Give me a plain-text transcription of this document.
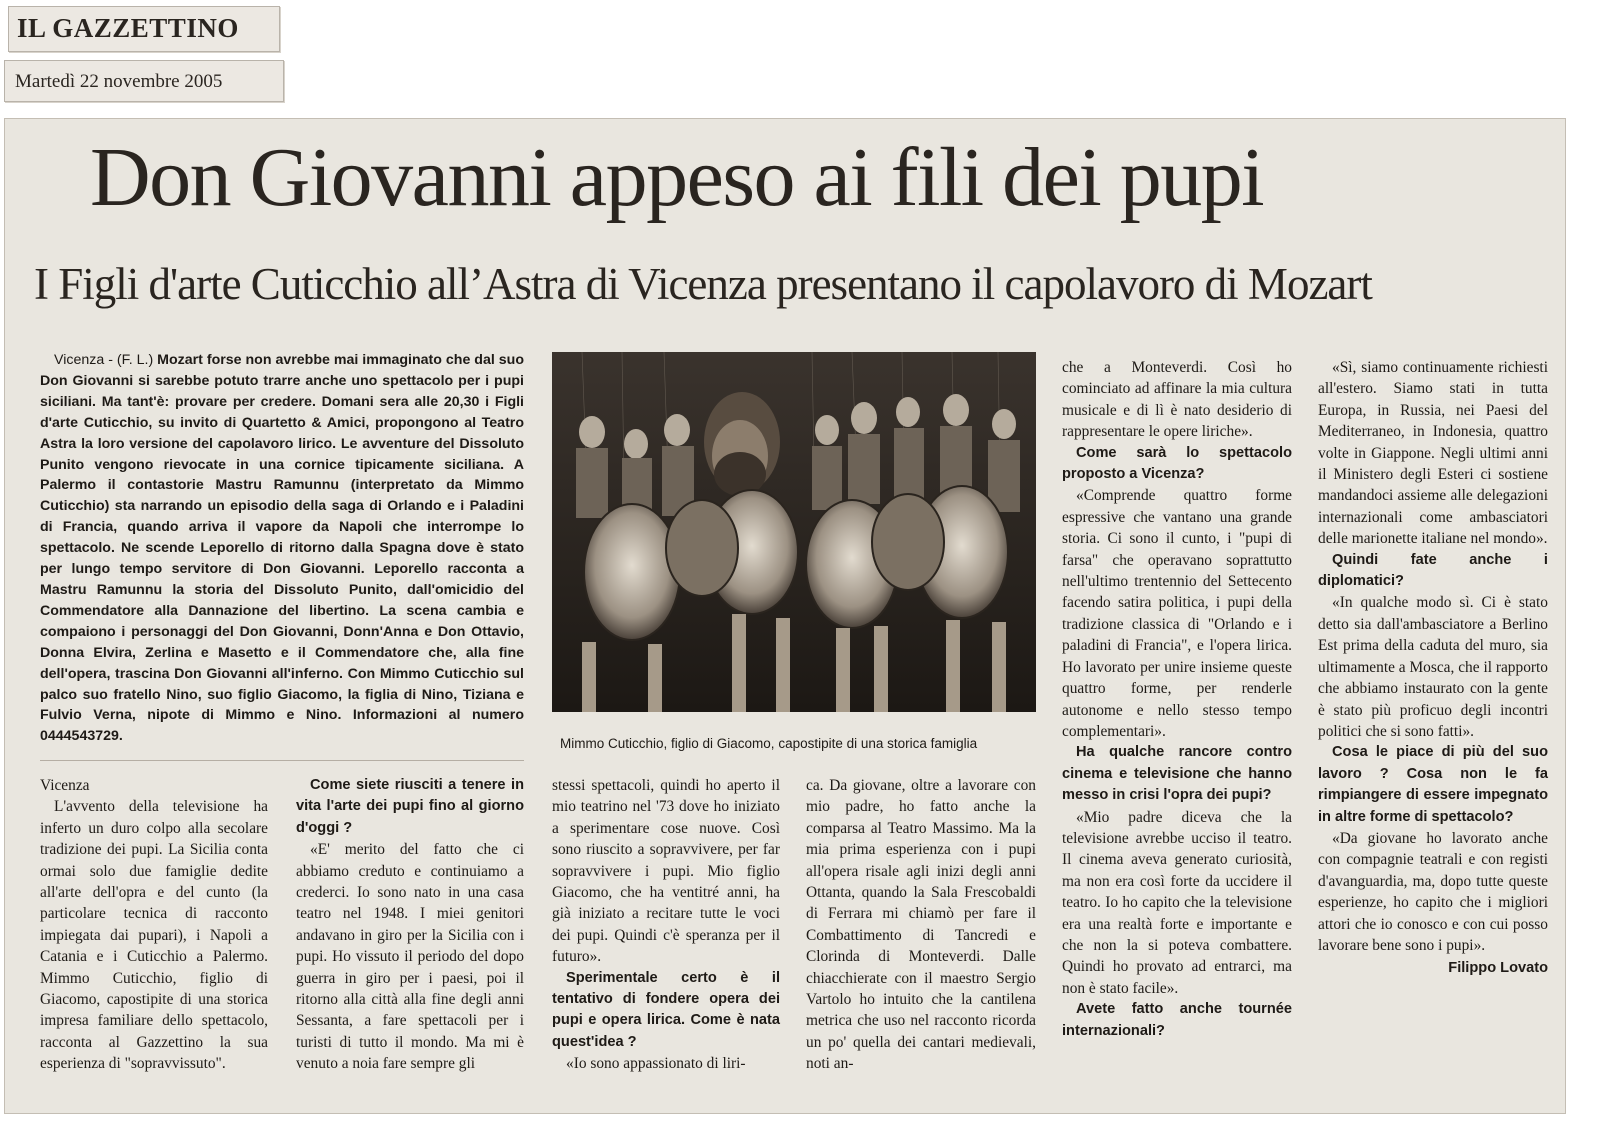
IL GAZZETTINO
Martedì 22 novembre 2005
Don Giovanni appeso ai fili dei pupi
I Figli d'arte Cuticchio all’Astra di Vicenza presentano il capolavoro di Mozart

Vicenza - (F. L.) Mozart forse non avrebbe mai immaginato che dal suo Don Giovanni si sarebbe potuto trarre anche uno spettacolo per i pupi siciliani. Ma tant'è: provare per credere. Domani sera alle 20,30 i Figli d'arte Cuticchio, su invito di Quartetto & Amici, propongono al Teatro Astra la loro versione del capolavoro lirico. Le avventure del Dissoluto Punito vengono rievocate in una cornice tipicamente siciliana. A Palermo il contastorie Mastru Ramunnu (interpretato da Mimmo Cuticchio) sta narrando un episodio della saga di Orlando e i Paladini di Francia, quando arriva il vapore da Napoli che interrompe lo spettacolo. Ne scende Leporello di ritorno dalla Spagna dove è stato per lungo tempo servitore di Don Giovanni. Leporello racconta a Mastru Ramunnu la storia del Dissoluto Punito, dall'omicidio del Commendatore alla Dannazione del libertino. La scena cambia e compaiono i personaggi del Don Giovanni, Donn'Anna e Don Ottavio, Donna Elvira, Zerlina e Masetto e il Commendatore che, alla fine dell'opera, trascina Don Giovanni all'inferno. Con Mimmo Cuticchio sul palco suo fratello Nino, suo figlio Giacomo, la figlia di Nino, Tiziana e Fulvio Verna, nipote di Mimmo e Nino. Informazioni al numero 0444543729.	Mimmo Cuticchio, figlio di Giacomo, capostipite di una storica famiglia

Vicenza

L'avvento della televisione ha inferto un duro colpo alla secolare tradizione dei pupi. La Sicilia conta ormai solo due famiglie dedite all'arte dell'opra e del cunto (la particolare tecnica di racconto impiegata dai pupari), i Napoli a Catania e i Cuticchio a Palermo. Mimmo Cuticchio, figlio di Giacomo, capostipite di una storica impresa familiare dello spettacolo, racconta al Gazzettino la sua esperienza di "sopravvissuto".

Come siete riusciti a tenere in vita l'arte dei pupi fino al giorno d'oggi ?

«E' merito del fatto che ci abbiamo creduto e continuiamo a crederci. Io sono nato in una casa teatro nel 1948. I miei genitori andavano in giro per la Sicilia con i pupi. Ho vissuto il periodo del dopo guerra in giro per i paesi, poi il ritorno alla città alla fine degli anni Sessanta, a fare spettacoli per i turisti di tutto il mondo. Ma mi è venuto a noia fare sempre gli

stessi spettacoli, quindi ho aperto il mio teatrino nel '73 dove ho iniziato a sperimentare cose nuove. Così sono riuscito a sopravvivere, per far sopravvivere i pupi. Mio figlio Giacomo, che ha ventitré anni, ha già iniziato a recitare tutte le voci dei pupi. Quindi c'è speranza per il futuro».

Sperimentale certo è il tentativo di fondere opera dei pupi e opera lirica. Come è nata quest'idea ?

«Io sono appassionato di liri-

ca. Da giovane, oltre a lavorare con mio padre, ho fatto anche la comparsa al Teatro Massimo. Ma la mia prima esperienza con i pupi all'opera risale agli inizi degli anni Ottanta, quando la Sala Frescobaldi di Ferrara mi chiamò per fare il Combattimento di Tancredi e Clorinda di Monteverdi. Dalle chiacchierate con il maestro Sergio Vartolo ho intuito che la cantilena metrica che uso nel racconto ricorda un po' quella dei cantari medievali, noti an-

che a Monteverdi. Così ho cominciato ad affinare la mia cultura musicale e di lì è nato desiderio di rappresentare le opere liriche».

Come sarà lo spettacolo proposto a Vicenza?

«Comprende quattro forme espressive che vantano una grande storia. Ci sono il cunto, i "pupi di farsa" che operavano soprattutto nell'ultimo trentennio del Settecento facendo satira politica, i pupi della tradizione classica di "Orlando e i paladini di Francia", e l'opera lirica. Ho lavorato per unire insieme queste quattro forme, per renderle autonome e nello stesso tempo complementari».

Ha qualche rancore contro cinema e televisione che hanno messo in crisi l'opra dei pupi?

«Mio padre diceva che la televisione avrebbe ucciso il teatro. Il cinema aveva generato curiosità, ma non era così forte da uccidere il teatro. Io ho capito che la televisione era una realtà forte e importante e che non la si poteva combattere. Quindi ho provato ad entrarci, ma non è stato facile».

Avete fatto anche tournée internazionali?

«Sì, siamo continuamente richiesti all'estero. Siamo stati in tutta Europa, in Russia, nei Paesi del Mediterraneo, in Indonesia, quattro volte in Giappone. Negli ultimi anni il Ministero degli Esteri ci sostiene mandandoci assieme alle delegazioni internazionali come ambasciatori delle marionette italiane nel mondo».

Quindi fate anche i diplomatici?

«In qualche modo sì. Ci è stato detto sia dall'ambasciatore a Berlino Est prima della caduta del muro, sia ultimamente a Mosca, che il rapporto che abbiamo instaurato con la gente è stato più proficuo degli incontri politici che si sono fatti».

Cosa le piace di più del suo lavoro ? Cosa non le fa rimpiangere di essere impegnato in altre forme di spettacolo?

«Da giovane ho lavorato anche con compagnie teatrali e con registi d'avanguardia, ma, dopo tutte queste esperienze, ho capito che i migliori attori che io conosco e con cui posso lavorare bene sono i pupi».

Filippo Lovato
